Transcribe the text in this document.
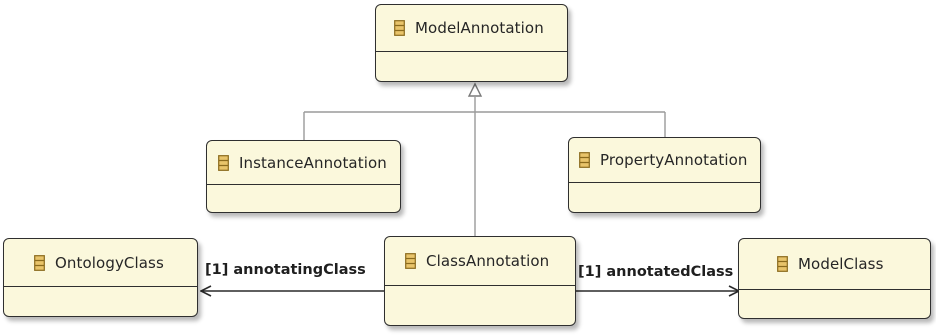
ModelAnnotation
InstanceAnnotation	PropertyAnnotation
OntologyClass	ClassAnnotation	ModelClass
[1] annotatingClass	[1] annotatedClass
